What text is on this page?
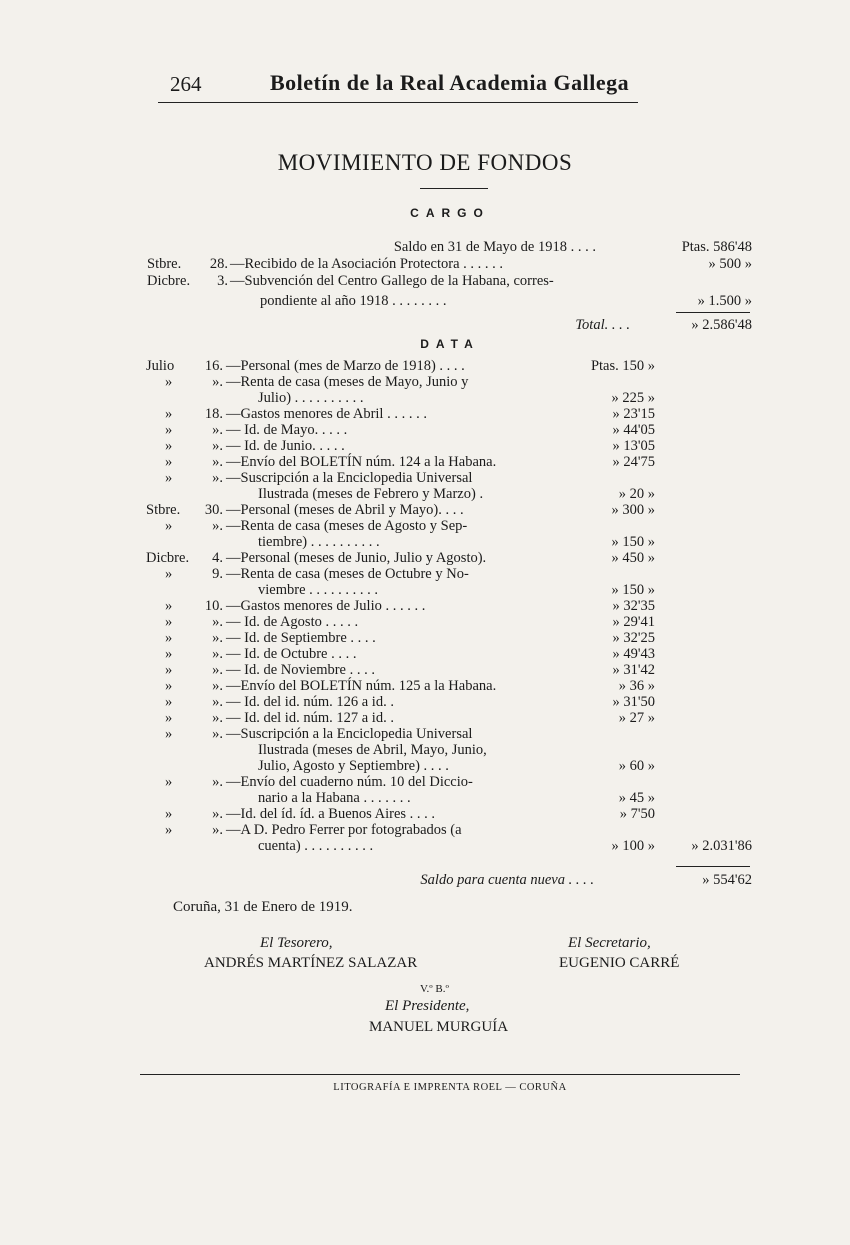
264	Boletín de la Real Academia Gallega
MOVIMIENTO DE FONDOS
CARGO
Saldo en 31 de Mayo de 1918 . . . .	Ptas. 586'48
Stbre. 28. —Recibido de la Asociación Protectora . . . . . .	» 500 »
Dicbre. 3. —Subvención del Centro Gallego de la Habana, corres-
pondiente al año 1918 . . . . . . . .	» 1.500 »
Total. . . .	» 2.586'48
DATA
Julio 16. —Personal (mes de Marzo de 1918) . . . .	Ptas. 150 »
»	». —Renta de casa (meses de Mayo, Junio y
Julio) . . . . . . . . . .	» 225 »
» 18. —Gastos menores de Abril . . . . . .	» 23'15
»	». — Id. de Mayo. . . . .	» 44'05
»	». — Id. de Junio. . . . .	» 13'05
»	». —Envío del BOLETÍN núm. 124 a la Habana.	» 24'75
»	». —Suscripción a la Enciclopedia Universal
Ilustrada (meses de Febrero y Marzo) .	» 20 »
Stbre. 30. —Personal (meses de Abril y Mayo). . . .	» 300 »
»	». —Renta de casa (meses de Agosto y Sep-
tiembre) . . . . . . . . . .	» 150 »
Dicbre. 4. —Personal (meses de Junio, Julio y Agosto).	» 450 »
»	9. —Renta de casa (meses de Octubre y No-
viembre . . . . . . . . . .	» 150 »
» 10. —Gastos menores de Julio . . . . . .	» 32'35
»	». — Id. de Agosto . . . . .	» 29'41
»	». — Id. de Septiembre . . . .	» 32'25
»	». — Id. de Octubre . . . .	» 49'43
»	». — Id. de Noviembre . . . .	» 31'42
»	». —Envío del BOLETÍN núm. 125 a la Habana.	» 36 »
»	». — Id. del id. núm. 126 a id. .	» 31'50
»	». — Id. del id. núm. 127 a id. .	» 27 »
»	». —Suscripción a la Enciclopedia Universal
Ilustrada (meses de Abril, Mayo, Junio,
Julio, Agosto y Septiembre) . . . .	» 60 »
»	». —Envío del cuaderno núm. 10 del Diccio-
nario a la Habana . . . . . . .	» 45 »
»	». —Id. del íd. íd. a Buenos Aires . . . .	» 7'50
»	». —A D. Pedro Ferrer por fotograbados (a
cuenta) . . . . . . . . . .	» 100 »	» 2.031'86
Saldo para cuenta nueva . . . .	» 554'62
Coruña, 31 de Enero de 1919.
El Tesorero,
ANDRÉS MARTÍNEZ SALAZAR
El Secretario,
EUGENIO CARRÉ
V.º B.º
El Presidente,
MANUEL MURGUÍA
LITOGRAFÍA E IMPRENTA ROEL — CORUÑA
